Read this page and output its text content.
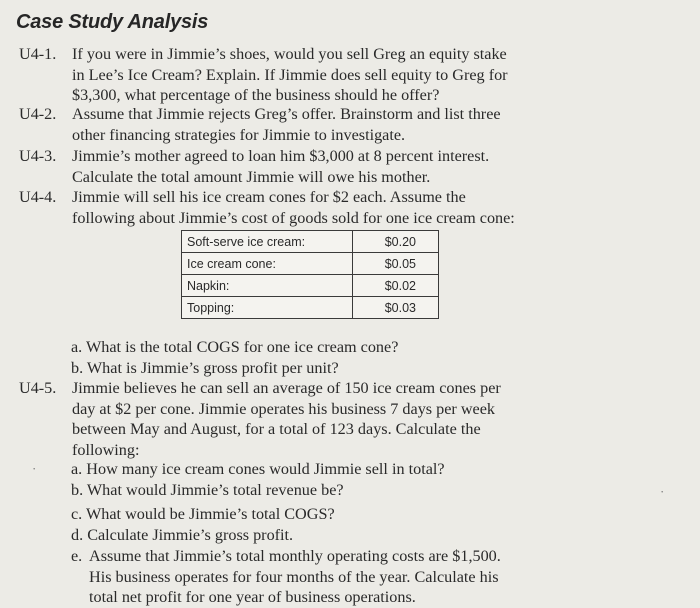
Case Study Analysis
U4-1. If you were in Jimmie’s shoes, would you sell Greg an equity stake
in Lee’s Ice Cream? Explain. If Jimmie does sell equity to Greg for
$3,300, what percentage of the business should he offer?
U4-2. Assume that Jimmie rejects Greg’s offer. Brainstorm and list three
other financing strategies for Jimmie to investigate.
U4-3. Jimmie’s mother agreed to loan him $3,000 at 8 percent interest.
Calculate the total amount Jimmie will owe his mother.
U4-4. Jimmie will sell his ice cream cones for $2 each. Assume the
following about Jimmie’s cost of goods sold for one ice cream cone:
Soft-serve ice cream:	$0.20
Ice cream cone:	$0.05
Napkin:	$0.02
Topping:	$0.03
a. What is the total COGS for one ice cream cone?
b. What is Jimmie’s gross profit per unit?
U4-5. Jimmie believes he can sell an average of 150 ice cream cones per
day at $2 per cone. Jimmie operates his business 7 days per week
between May and August, for a total of 123 days. Calculate the
following:
a. How many ice cream cones would Jimmie sell in total?
b. What would Jimmie’s total revenue be?
c. What would be Jimmie’s total COGS?
d. Calculate Jimmie’s gross profit.
e. Assume that Jimmie’s total monthly operating costs are $1,500.
His business operates for four months of the year. Calculate his
total net profit for one year of business operations.
·
·
